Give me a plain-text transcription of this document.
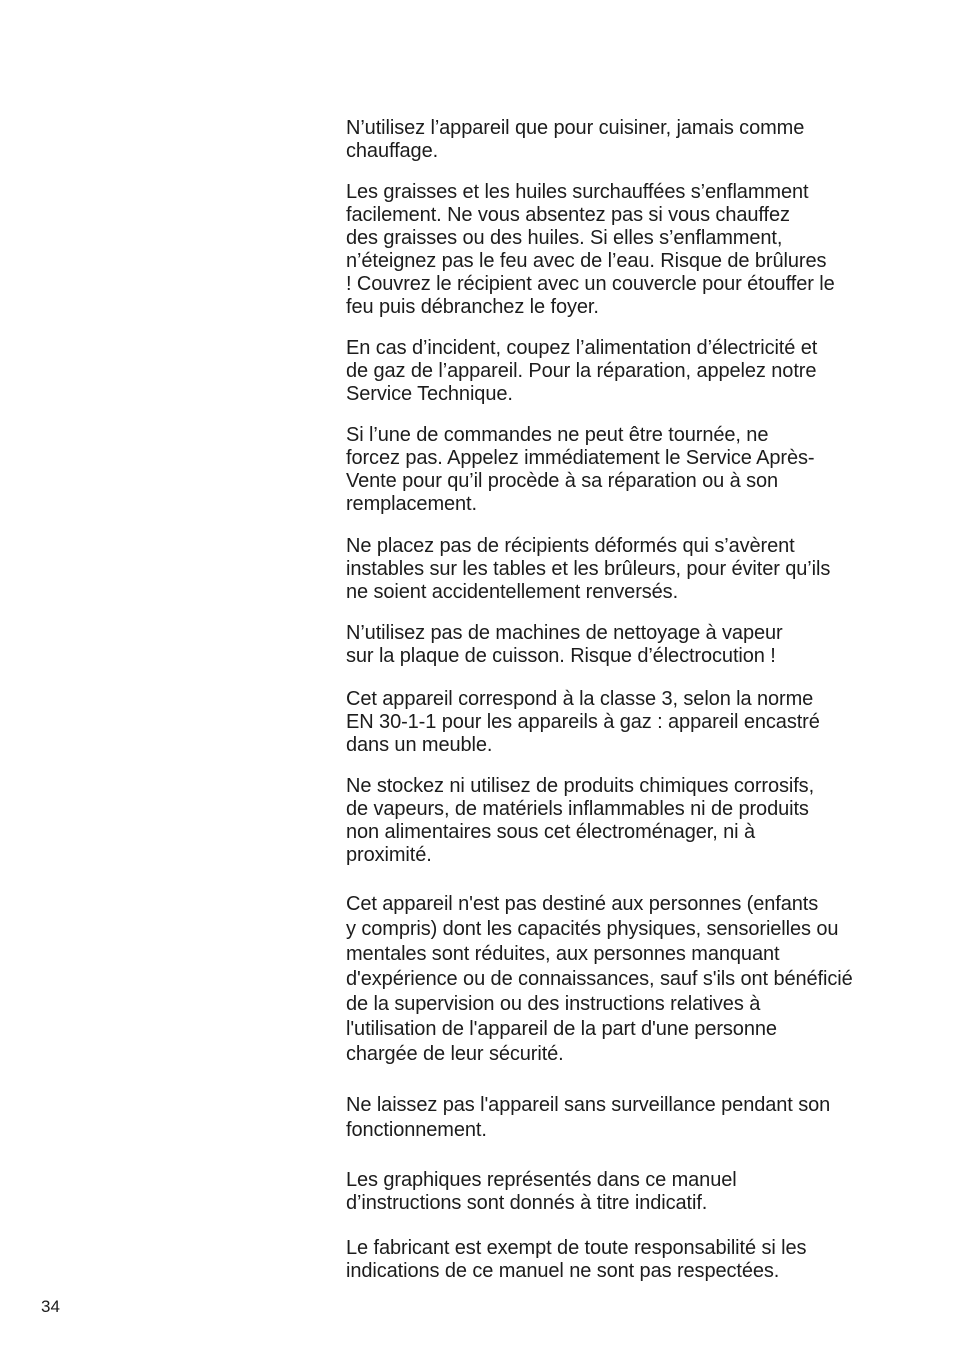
N’utilisez l’appareil que pour cuisiner, jamais comme
chauffage.

Les graisses et les huiles surchauffées s’enflamment
facilement. Ne vous absentez pas si vous chauffez
des graisses ou des huiles. Si elles s’enflamment,
n’éteignez pas le feu avec de l’eau. Risque de brûlures
! Couvrez le récipient avec un couvercle pour étouffer le
feu puis débranchez le foyer.

En cas d’incident, coupez l’alimentation d’électricité et
de gaz de l’appareil. Pour la réparation, appelez notre
Service Technique.

Si l’une de commandes ne peut être tournée, ne
forcez pas. Appelez immédiatement le Service Après-
Vente pour qu’il procède à sa réparation ou à son
remplacement.

Ne placez pas de récipients déformés qui s’avèrent
instables sur les tables et les brûleurs, pour éviter qu’ils
ne soient accidentellement renversés.

N’utilisez pas de machines de nettoyage à vapeur
sur la plaque de cuisson. Risque d’électrocution !

Cet appareil correspond à la classe 3, selon la norme
EN 30-1-1 pour les appareils à gaz : appareil encastré
dans un meuble.

Ne stockez ni utilisez de produits chimiques corrosifs,
de vapeurs, de matériels inflammables ni de produits
non alimentaires sous cet électroménager, ni à
proximité.

Cet appareil n'est pas destiné aux personnes (enfants
y compris) dont les capacités physiques, sensorielles ou
mentales sont réduites, aux personnes manquant
d'expérience ou de connaissances, sauf s'ils ont bénéficié
de la supervision ou des instructions relatives à
l'utilisation de l'appareil de la part d'une personne
chargée de leur sécurité.

Ne laissez pas l'appareil sans surveillance pendant son
fonctionnement.

Les graphiques représentés dans ce manuel
d’instructions sont donnés à titre indicatif.

Le fabricant est exempt de toute responsabilité si les
indications de ce manuel ne sont pas respectées.

34
